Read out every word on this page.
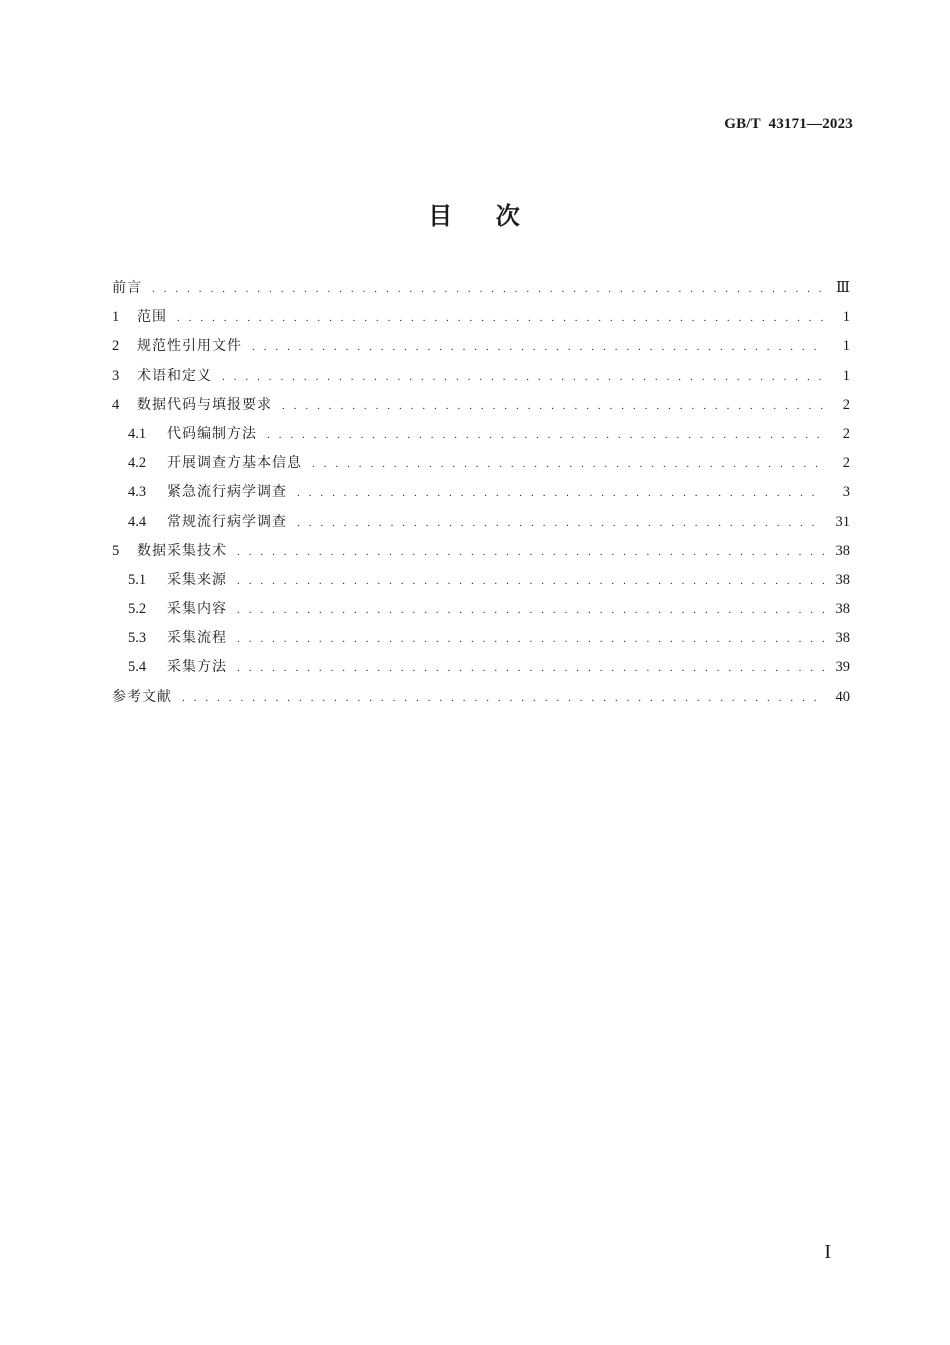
GB/T  43171—2023
目    次
前言 . . .	Ⅲ
1	范围 . . .	1
2	规范性引用文件 . . .	1
3	术语和定义 . . .	1
4	数据代码与填报要求 . . .	2
4.1	代码编制方法 . . .	2
4.2	开展调查方基本信息 . . .	2
4.3	紧急流行病学调查 . . .	3
4.4	常规流行病学调查 . . .	31
5	数据采集技术 . . .	38
5.1	采集来源 . . .	38
5.2	采集内容 . . .	38
5.3	采集流程 . . .	38
5.4	采集方法 . . .	39
参考文献 . . .	40
I
